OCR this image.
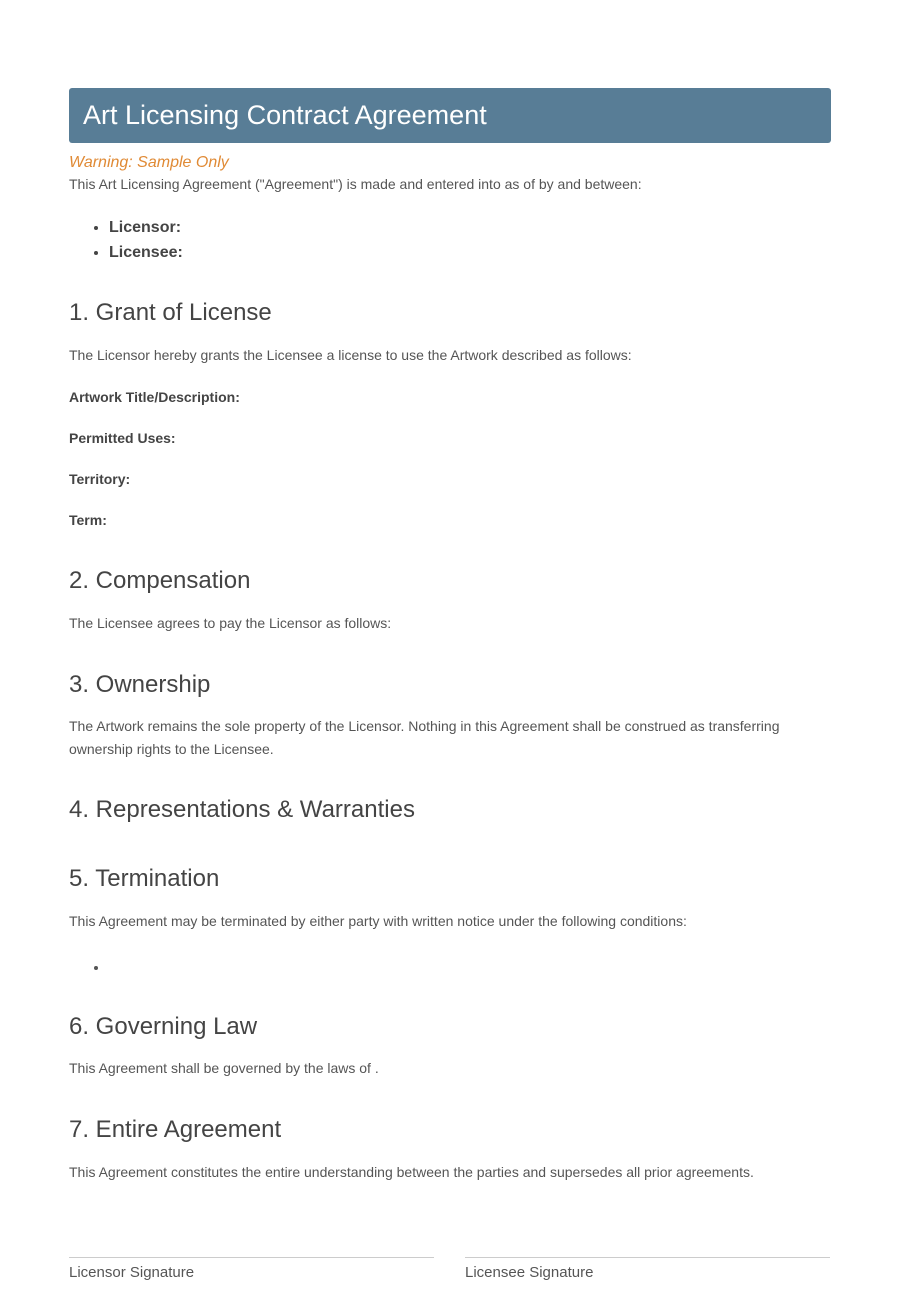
Art Licensing Contract Agreement
Warning: Sample Only
This Art Licensing Agreement ("Agreement") is made and entered into as of by and between:
• Licensor:
• Licensee:
1. Grant of License

The Licensor hereby grants the Licensee a license to use the Artwork described as follows:

Artwork Title/Description:
Permitted Uses:
Territory:
Term:
2. Compensation

The Licensee agrees to pay the Licensor as follows:

3. Ownership

The Artwork remains the sole property of the Licensor. Nothing in this Agreement shall be construed as transferring ownership rights to the Licensee.

4. Representations & Warranties
5. Termination

This Agreement may be terminated by either party with written notice under the following conditions:

6. Governing Law

This Agreement shall be governed by the laws of .

7. Entire Agreement

This Agreement constitutes the entire understanding between the parties and supersedes all prior agreements.

Licensor Signature	Licensee Signature
